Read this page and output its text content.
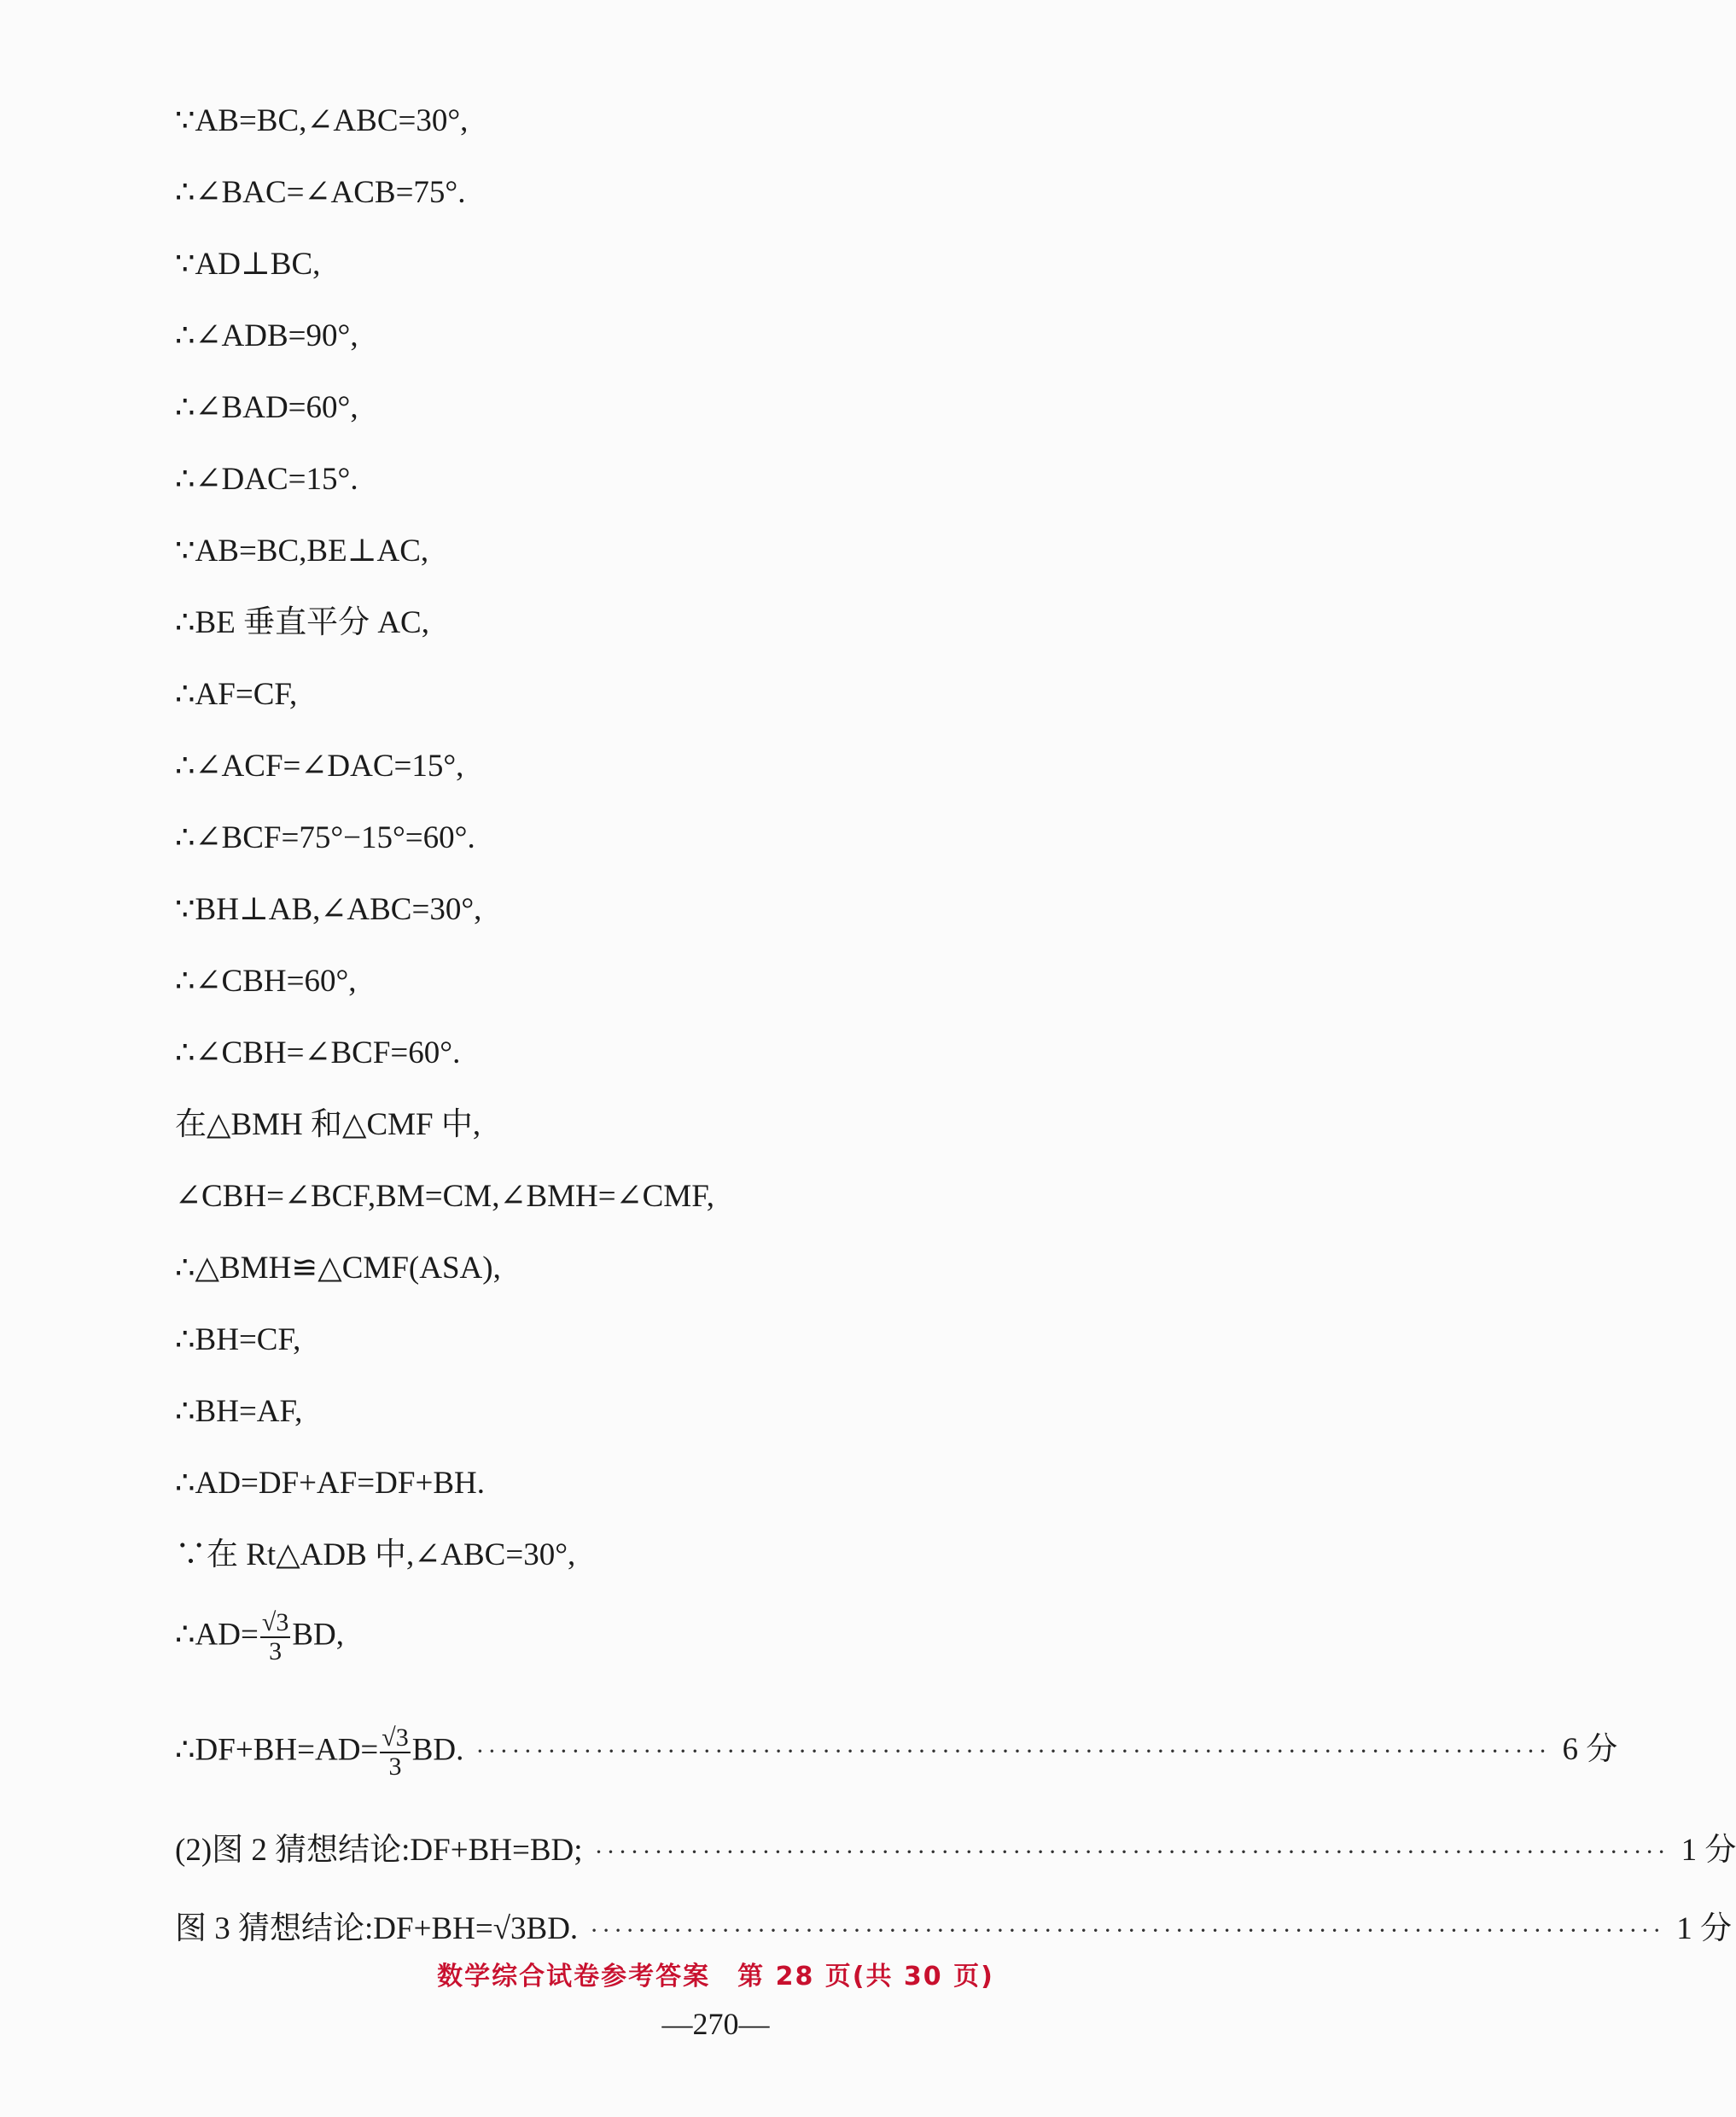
∵AB=BC,∠ABC=30°,
∴∠BAC=∠ACB=75°.
∵AD⊥BC,
∴∠ADB=90°,
∴∠BAD=60°,
∴∠DAC=15°.
∵AB=BC,BE⊥AC,
∴BE 垂直平分 AC,
∴AF=CF,
∴∠ACF=∠DAC=15°,
∴∠BCF=75°−15°=60°.
∵BH⊥AB,∠ABC=30°,
∴∠CBH=60°,
∴∠CBH=∠BCF=60°.
在△BMH 和△CMF 中,
∠CBH=∠BCF,BM=CM,∠BMH=∠CMF,
∴△BMH≌△CMF(ASA),
∴BH=CF,
∴BH=AF,
∴AD=DF+AF=DF+BH.
∵在 Rt△ADB 中,∠ABC=30°,
∴AD= $\frac{√3}{3}$ BD,
∴DF+BH=AD= $\frac{√3}{3}$ BD. ·························································································· 6 分
(2)图 2 猜想结论:DF+BH=BD; ·························································································· 1 分
图 3 猜想结论:DF+BH=√3BD. ·························································································· 1 分
数学综合试卷参考答案　第 28 页(共 30 页)
—270—
